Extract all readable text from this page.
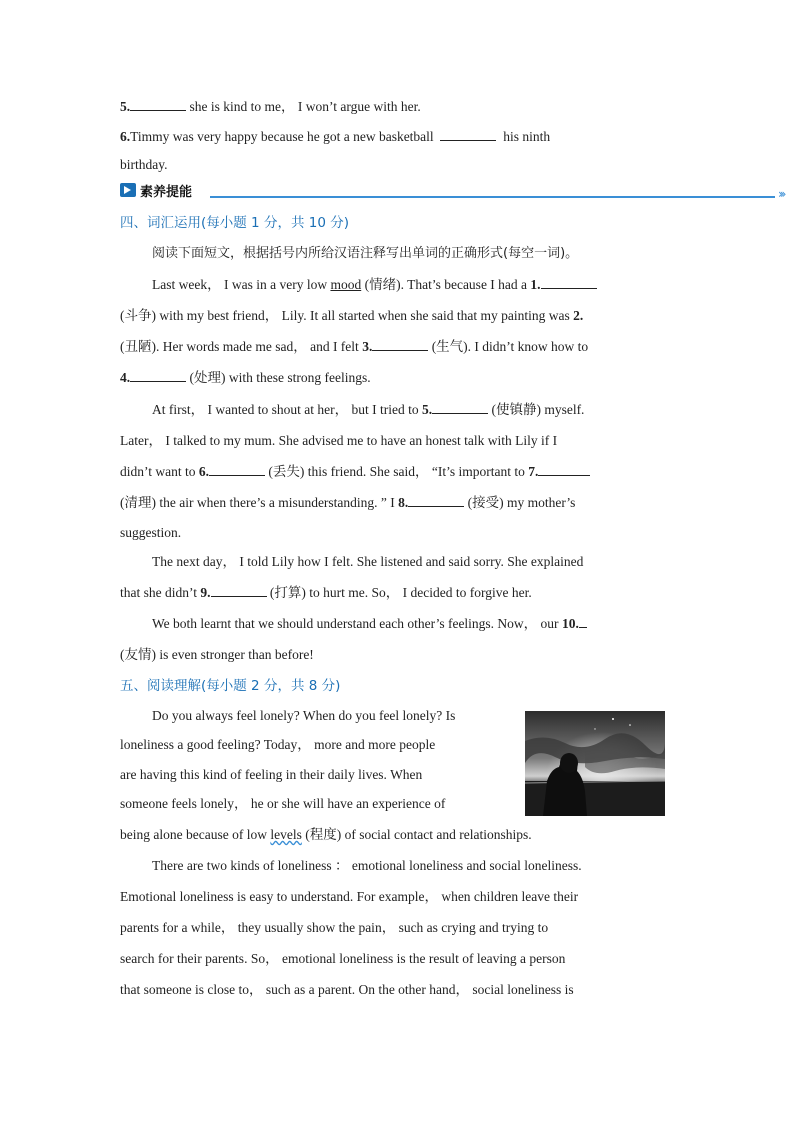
5.	she is kind to me， I won’t argue with her.
6.Timmy was very happy because he got a new basketball	his ninth
birthday.
素养提能	›››
四、词汇运用(每小题 1 分，共 10 分)
阅读下面短文，根据括号内所给汉语注释写出单词的正确形式(每空一词)。
Last week， I was in a very low mood (情绪). That’s because I had a 1.
(斗争) with my best friend， Lily. It all started when she said that my painting was 2.
(丑陋). Her words made me sad， and I felt 3.	(生气). I didn’t know how to
4.	(处理) with these strong feelings.
At first， I wanted to shout at her， but I tried to 5.	(使镇静) myself.
Later， I talked to my mum. She advised me to have an honest talk with Lily if I
didn’t want to 6.	(丢失) this friend. She said， “It’s important to 7.
(清理) the air when there’s a misunderstanding. ” I 8.	(接受) my mother’s
suggestion.
The next day， I told Lily how I felt. She listened and said sorry. She explained
that she didn’t 9.	(打算) to hurt me. So， I decided to forgive her.
We both learnt that we should understand each other’s feelings. Now， our 10.
(友情) is even stronger than before!
五、阅读理解(每小题 2 分，共 8 分)
Do you always feel lonely? When do you feel lonely? Is
loneliness a good feeling? Today， more and more people
are having this kind of feeling in their daily lives. When
someone feels lonely， he or she will have an experience of
being alone because of low levels (程度) of social contact and relationships.
There are two kinds of loneliness ： emotional loneliness and social loneliness.
Emotional loneliness is easy to understand. For example， when children leave their
parents for a while， they usually show the pain， such as crying and trying to
search for their parents. So， emotional loneliness is the result of leaving a person
that someone is close to， such as a parent. On the other hand， social loneliness is
